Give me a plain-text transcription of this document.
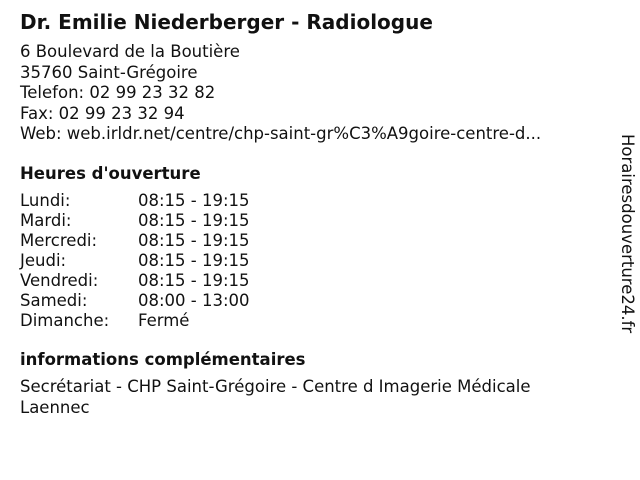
Dr. Emilie Niederberger - Radiologue
6 Boulevard de la Boutière
35760 Saint-Grégoire
Telefon: 02 99 23 32 82
Fax: 02 99 23 32 94
Web: web.irldr.net/centre/chp-saint-gr%C3%A9goire-centre-d...
Heures d'ouverture
Lundi:	08:15 - 19:15
Mardi:	08:15 - 19:15
Mercredi:	08:15 - 19:15
Jeudi:	08:15 - 19:15
Vendredi:	08:15 - 19:15
Samedi:	08:00 - 13:00
Dimanche:	Fermé
informations complémentaires
Secrétariat - CHP Saint-Grégoire - Centre d Imagerie Médicale Laennec
Horairesdouverture24.fr
